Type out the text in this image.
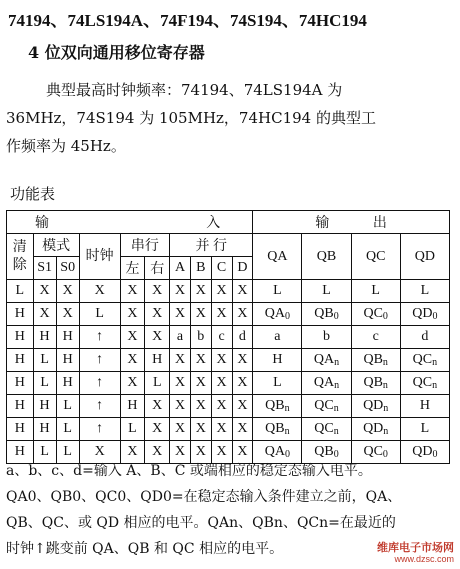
74194、74LS194A、74F194、74S194、74HC194
4 位双向通用移位寄存器
典型最高时钟频率：74194、74LS194A 为
36MHz，74S194 为 105MHz，74HC194 的典型工
作频率为 45Hz。
功能表
输 入										输 出			
清除	模式		时钟	串行		并 行				QA	QB	QC	QD
	S1	S0		左	右	A	B	C	D				
L	X	X	X	X	X	X	X	X	X	L	L	L	L
H	X	X	L	X	X	X	X	X	X	$QA_0$	$QB_0$	$QC_0$	$QD_0$
H	H	H	↑	X	X	a	b	c	d	a	b	c	d
H	L	H	↑	X	H	X	X	X	X	H	$QA_n$	$QB_n$	$QC_n$
H	L	H	↑	X	L	X	X	X	X	L	$QA_n$	$QB_n$	$QC_n$
H	H	L	↑	H	X	X	X	X	X	$QB_n$	$QC_n$	$QD_n$	H
H	H	L	↑	L	X	X	X	X	X	$QB_n$	$QC_n$	$QD_n$	L
H	L	L	X	X	X	X	X	X	X	$QA_0$	$QB_0$	$QC_0$	$QD_0$
a、b、c、d=输入 A、B、C 或端相应的稳定态输入电平。
QA0、QB0、QC0、QD0=在稳定态输入条件建立之前，QA、
QB、QC、或 QD 相应的电平。QAn、QBn、QCn=在最近的
时钟↑跳变前 QA、QB 和 QC 相应的电平。	维库电子市场网
www.dzsc.com
